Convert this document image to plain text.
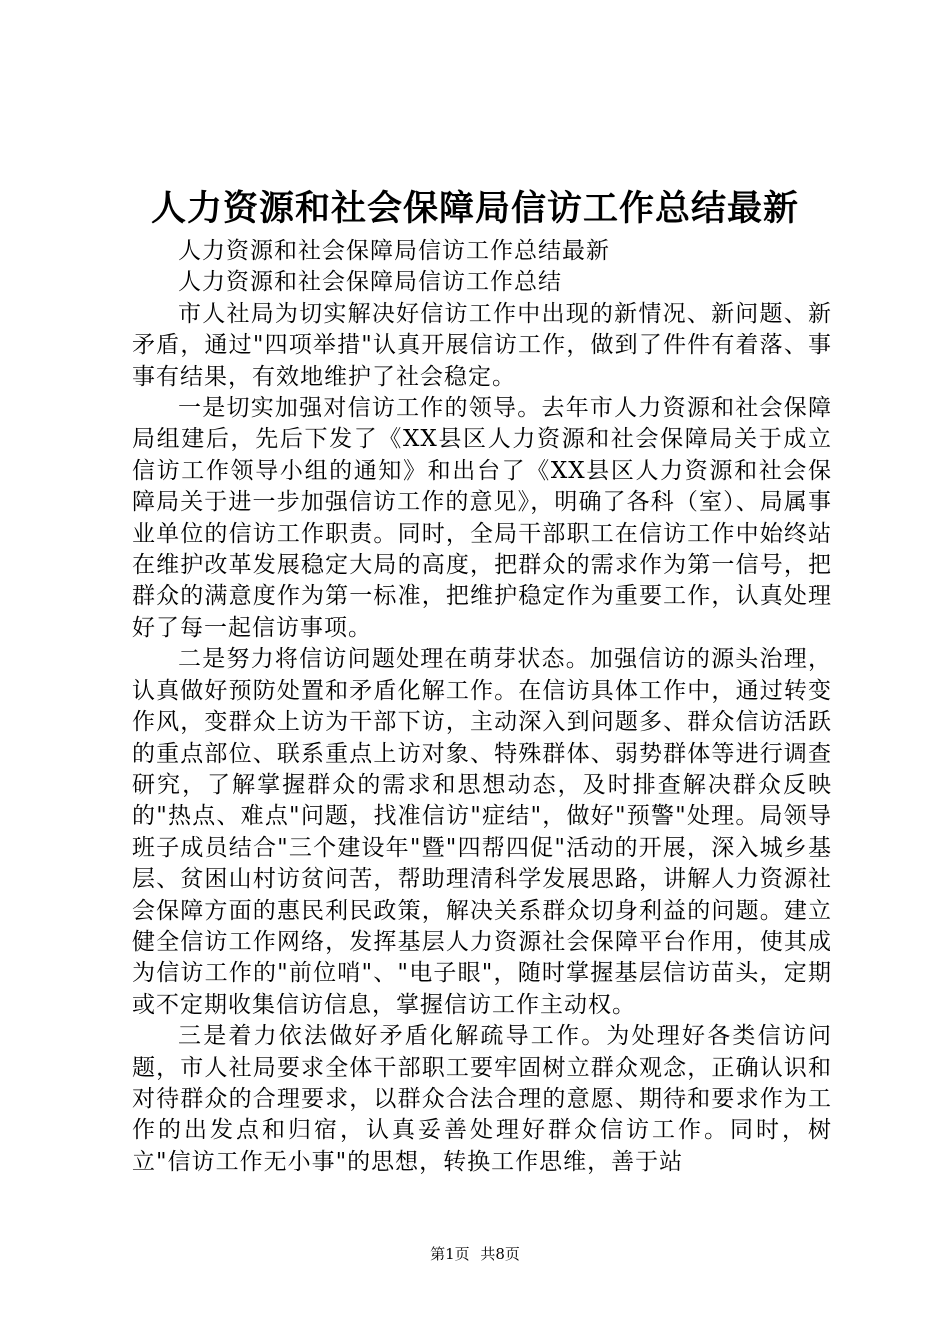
人力资源和社会保障局信访工作总结最新

人力资源和社会保障局信访工作总结最新

人力资源和社会保障局信访工作总结

市人社局为切实解决好信访工作中出现的新情况、新问题、新矛盾，通过"四项举措"认真开展信访工作，做到了件件有着落、事事有结果，有效地维护了社会稳定。

一是切实加强对信访工作的领导。去年市人力资源和社会保障局组建后，先后下发了《XX县区人力资源和社会保障局关于成立信访工作领导小组的通知》和出台了《XX县区人力资源和社会保障局关于进一步加强信访工作的意见》，明确了各科（室）、局属事业单位的信访工作职责。同时，全局干部职工在信访工作中始终站在维护改革发展稳定大局的高度，把群众的需求作为第一信号，把群众的满意度作为第一标准，把维护稳定作为重要工作，认真处理好了每一起信访事项。

二是努力将信访问题处理在萌芽状态。加强信访的源头治理，认真做好预防处置和矛盾化解工作。在信访具体工作中，通过转变作风，变群众上访为干部下访，主动深入到问题多、群众信访活跃的重点部位、联系重点上访对象、特殊群体、弱势群体等进行调查研究，了解掌握群众的需求和思想动态，及时排查解决群众反映的"热点、难点"问题，找准信访"症结"，做好"预警"处理。局领导班子成员结合"三个建设年"暨"四帮四促"活动的开展，深入城乡基层、贫困山村访贫问苦，帮助理清科学发展思路，讲解人力资源社会保障方面的惠民利民政策，解决关系群众切身利益的问题。建立健全信访工作网络，发挥基层人力资源社会保障平台作用，使其成为信访工作的"前位哨"、"电子眼"，随时掌握基层信访苗头，定期或不定期收集信访信息，掌握信访工作主动权。

三是着力依法做好矛盾化解疏导工作。为处理好各类信访问题，市人社局要求全体干部职工要牢固树立群众观念，正确认识和对待群众的合理要求，以群众合法合理的意愿、期待和要求作为工作的出发点和归宿，认真妥善处理好群众信访工作。同时，树立"信访工作无小事"的思想，转换工作思维，善于站

第1页 共8页
